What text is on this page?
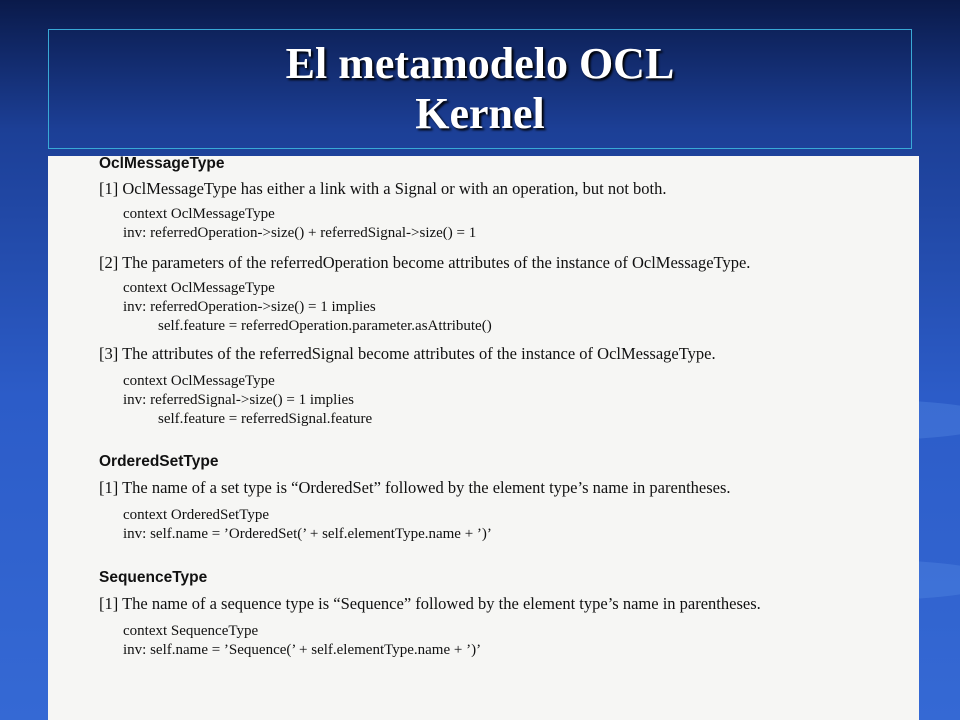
El metamodelo OCL
Kernel
OclMessageType
[1] OclMessageType has either a link with a Signal or with an operation, but not both.
context OclMessageType
inv: referredOperation->size() + referredSignal->size() = 1
[2] The parameters of the referredOperation become attributes of the instance of OclMessageType.
context OclMessageType
inv: referredOperation->size() = 1 implies
self.feature = referredOperation.parameter.asAttribute()
[3] The attributes of the referredSignal become attributes of the instance of OclMessageType.
context OclMessageType
inv: referredSignal->size() = 1 implies
self.feature = referredSignal.feature
OrderedSetType
[1] The name of a set type is “OrderedSet” followed by the element type’s name in parentheses.
context OrderedSetType
inv: self.name = ’OrderedSet(’ + self.elementType.name + ’)’
SequenceType
[1] The name of a sequence type is “Sequence” followed by the element type’s name in parentheses.
context SequenceType
inv: self.name = ’Sequence(’ + self.elementType.name + ’)’
